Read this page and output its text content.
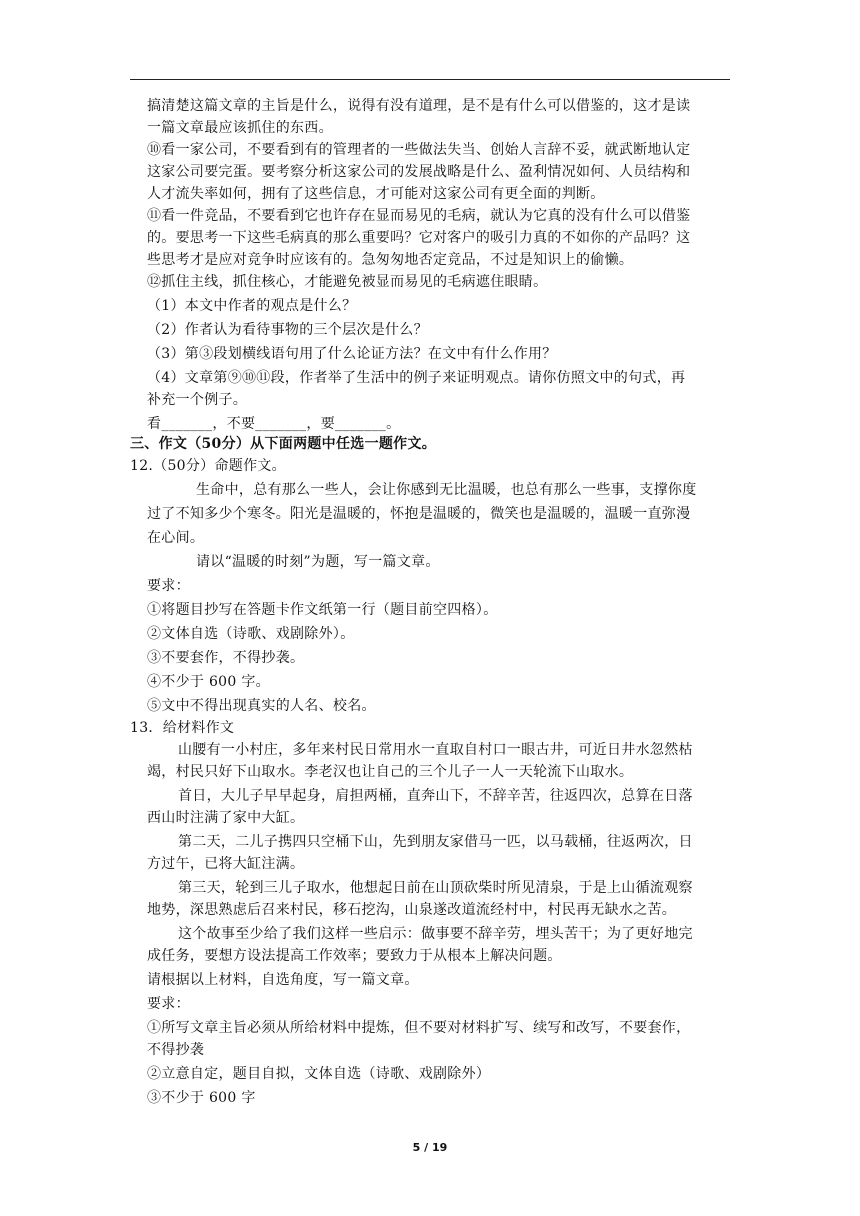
搞清楚这篇文章的主旨是什么，说得有没有道理，是不是有什么可以借鉴的，这才是读
一篇文章最应该抓住的东西。
⑩看一家公司，不要看到有的管理者的一些做法失当、创始人言辞不妥，就武断地认定
这家公司要完蛋。要考察分析这家公司的发展战略是什么、盈利情况如何、人员结构和
人才流失率如何，拥有了这些信息，才可能对这家公司有更全面的判断。
⑪看一件竞品，不要看到它也许存在显而易见的毛病，就认为它真的没有什么可以借鉴
的。要思考一下这些毛病真的那么重要吗？它对客户的吸引力真的不如你的产品吗？这
些思考才是应对竞争时应该有的。急匆匆地否定竞品，不过是知识上的偷懒。
⑫抓住主线，抓住核心，才能避免被显而易见的毛病遮住眼睛。
（1）本文中作者的观点是什么？
（2）作者认为看待事物的三个层次是什么？
（3）第③段划横线语句用了什么论证方法？在文中有什么作用？
（4）文章第⑨⑩⑪段，作者举了生活中的例子来证明观点。请你仿照文中的句式，再
补充一个例子。
看_______，不要_______，要_______。
三、作文（50分）从下面两题中任选一题作文。
12.（50分）命题作文。
生命中，总有那么一些人，会让你感到无比温暖，也总有那么一些事，支撑你度
过了不知多少个寒冬。阳光是温暖的，怀抱是温暖的，微笑也是温暖的，温暖一直弥漫
在心间。
请以“温暖的时刻”为题，写一篇文章。
要求：
①将题目抄写在答题卡作文纸第一行（题目前空四格）。
②文体自选（诗歌、戏剧除外）。
③不要套作，不得抄袭。
④不少于 600 字。
⑤文中不得出现真实的人名、校名。
13．给材料作文
山腰有一小村庄，多年来村民日常用水一直取自村口一眼古井，可近日井水忽然枯
竭，村民只好下山取水。李老汉也让自己的三个儿子一人一天轮流下山取水。
首日，大儿子早早起身，肩担两桶，直奔山下，不辞辛苦，往返四次，总算在日落
西山时注满了家中大缸。
第二天，二儿子携四只空桶下山，先到朋友家借马一匹，以马载桶，往返两次，日
方过午，已将大缸注满。
第三天，轮到三儿子取水，他想起日前在山顶砍柴时所见清泉，于是上山循流观察
地势，深思熟虑后召来村民，移石挖沟，山泉遂改道流经村中，村民再无缺水之苦。
这个故事至少给了我们这样一些启示：做事要不辞辛劳，埋头苦干；为了更好地完
成任务，要想方设法提高工作效率；要致力于从根本上解决问题。
请根据以上材料，自选角度，写一篇文章。
要求：
①所写文章主旨必须从所给材料中提炼，但不要对材料扩写、续写和改写，不要套作，
不得抄袭
②立意自定，题目自拟，文体自选（诗歌、戏剧除外）
③不少于 600 字
5 / 19
